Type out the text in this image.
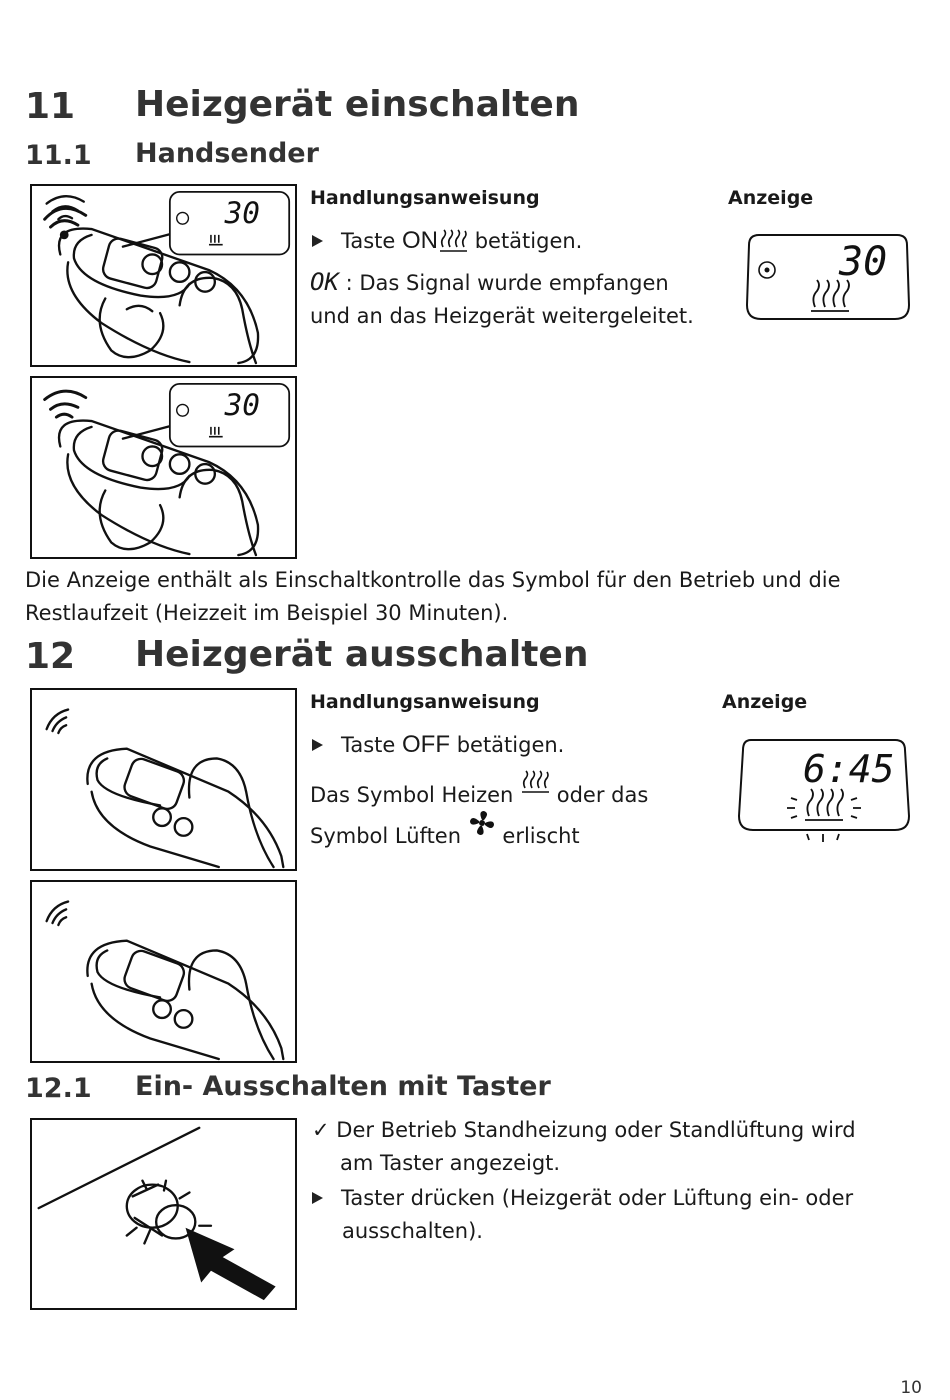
11 Heizgerät einschalten
11.1 Handsender
30
30
Handlungsanweisung	Anzeige
Taste ON betätigen.
OK : Das Signal wurde empfangen
und an das Heizgerät weitergeleitet.
30
Die Anzeige enthält als Einschaltkontrolle das Symbol für den Betrieb und die Restlaufzeit (Heizzeit im Beispiel 30 Minuten).
12 Heizgerät ausschalten
Handlungsanweisung	Anzeige
Taste OFF betätigen.
Das Symbol Heizen oder das
Symbol Lüften erlischt
6:45
12.1 Ein- Ausschalten mit Taster
✓ Der Betrieb Standheizung oder Standlüftung wird
am Taster angezeigt.
Taster drücken (Heizgerät oder Lüftung ein- oder
ausschalten).
10
